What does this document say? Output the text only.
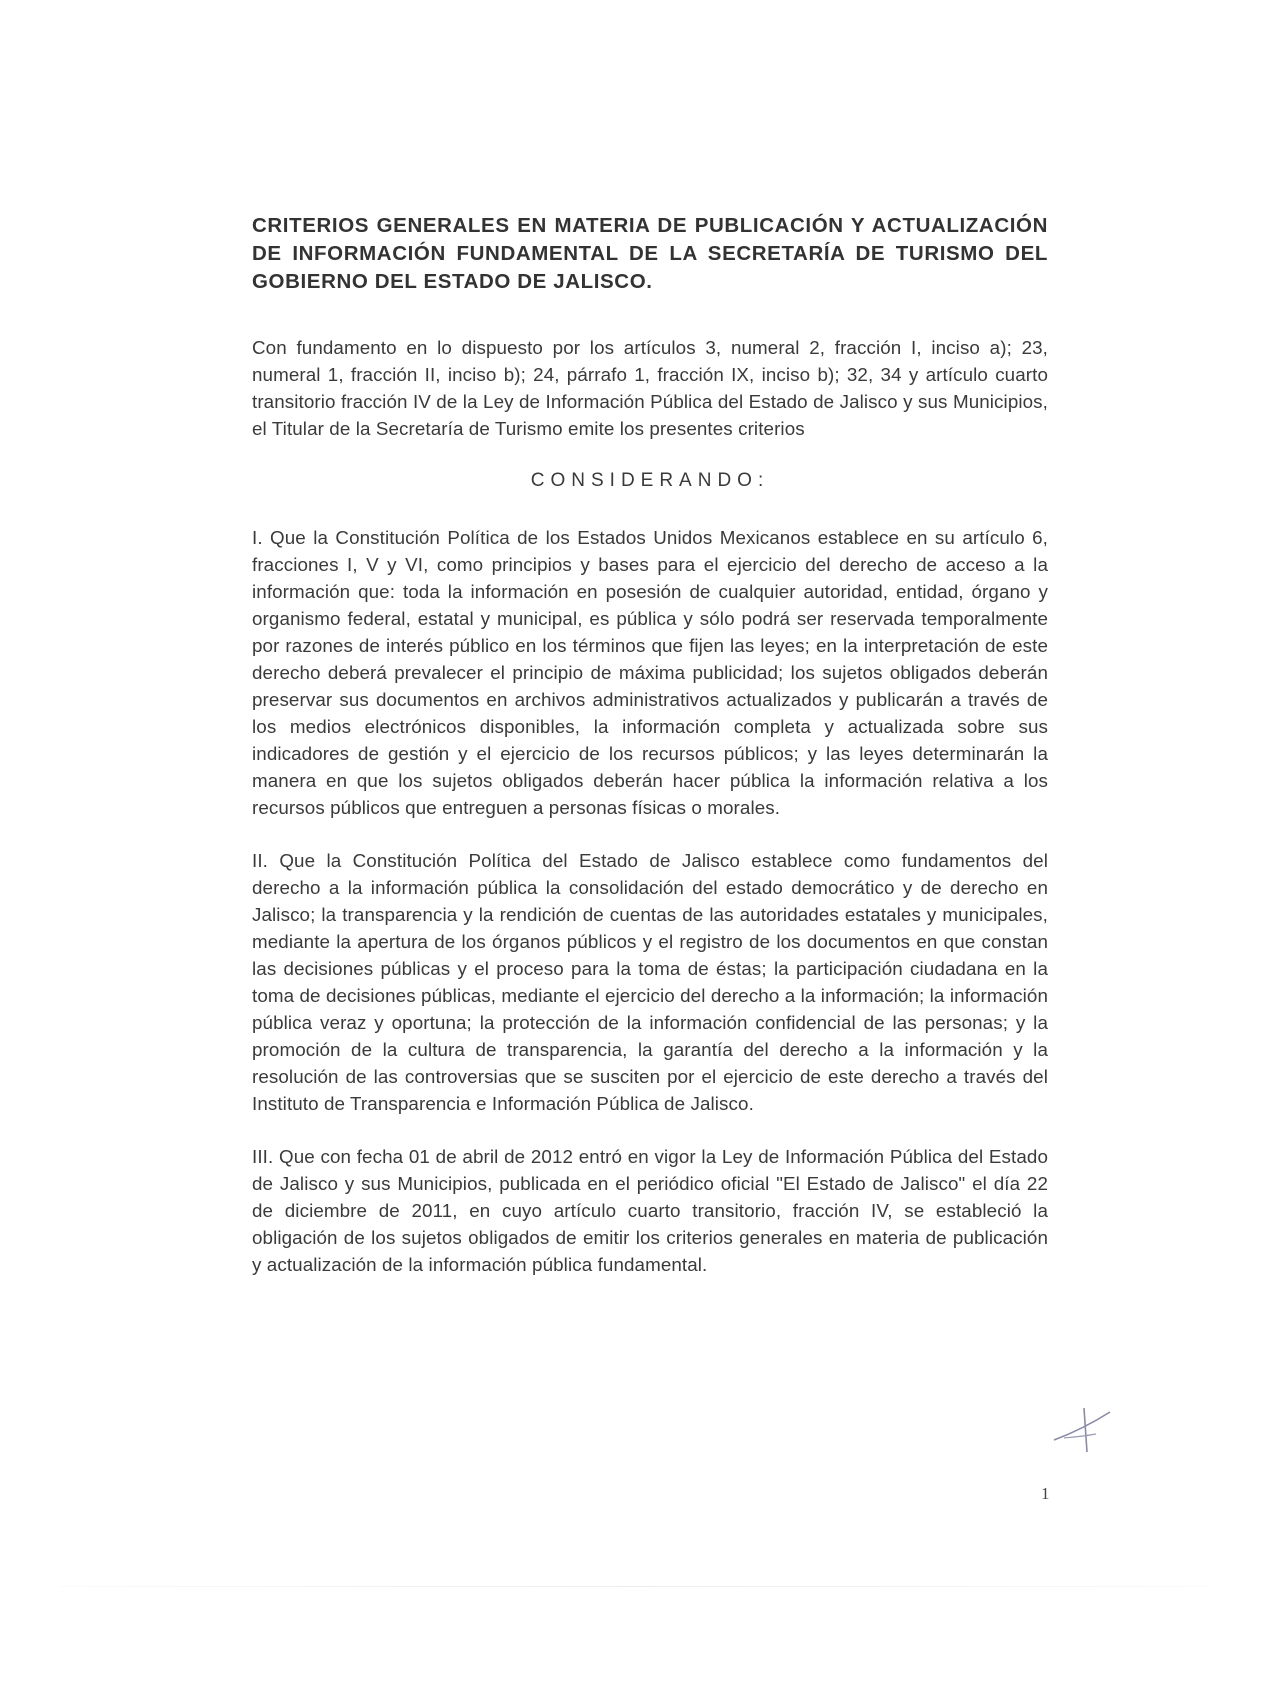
CRITERIOS GENERALES EN MATERIA DE PUBLICACIÓN Y ACTUALIZACIÓN DE INFORMACIÓN FUNDAMENTAL DE LA SECRETARÍA DE TURISMO DEL GOBIERNO DEL ESTADO DE JALISCO.

Con fundamento en lo dispuesto por los artículos 3, numeral 2, fracción I, inciso a); 23, numeral 1, fracción II, inciso b); 24, párrafo 1, fracción IX, inciso b); 32, 34 y artículo cuarto transitorio fracción IV de la Ley de Información Pública del Estado de Jalisco y sus Municipios, el Titular de la Secretaría de Turismo emite los presentes criterios

CONSIDERANDO:

I. Que la Constitución Política de los Estados Unidos Mexicanos establece en su artículo 6, fracciones I, V y VI, como principios y bases para el ejercicio del derecho de acceso a la información que: toda la información en posesión de cualquier autoridad, entidad, órgano y organismo federal, estatal y municipal, es pública y sólo podrá ser reservada temporalmente por razones de interés público en los términos que fijen las leyes; en la interpretación de este derecho deberá prevalecer el principio de máxima publicidad; los sujetos obligados deberán preservar sus documentos en archivos administrativos actualizados y publicarán a través de los medios electrónicos disponibles, la información completa y actualizada sobre sus indicadores de gestión y el ejercicio de los recursos públicos; y las leyes determinarán la manera en que los sujetos obligados deberán hacer pública la información relativa a los recursos públicos que entreguen a personas físicas o morales.

II. Que la Constitución Política del Estado de Jalisco establece como fundamentos del derecho a la información pública la consolidación del estado democrático y de derecho en Jalisco; la transparencia y la rendición de cuentas de las autoridades estatales y municipales, mediante la apertura de los órganos públicos y el registro de los documentos en que constan las decisiones públicas y el proceso para la toma de éstas; la participación ciudadana en la toma de decisiones públicas, mediante el ejercicio del derecho a la información; la información pública veraz y oportuna; la protección de la información confidencial de las personas; y la promoción de la cultura de transparencia, la garantía del derecho a la información y la resolución de las controversias que se susciten por el ejercicio de este derecho a través del Instituto de Transparencia e Información Pública de Jalisco.

III. Que con fecha 01 de abril de 2012 entró en vigor la Ley de Información Pública del Estado de Jalisco y sus Municipios, publicada en el periódico oficial "El Estado de Jalisco" el día 22 de diciembre de 2011, en cuyo artículo cuarto transitorio, fracción IV, se estableció la obligación de los sujetos obligados de emitir los criterios generales en materia de publicación y actualización de la información pública fundamental.

1
